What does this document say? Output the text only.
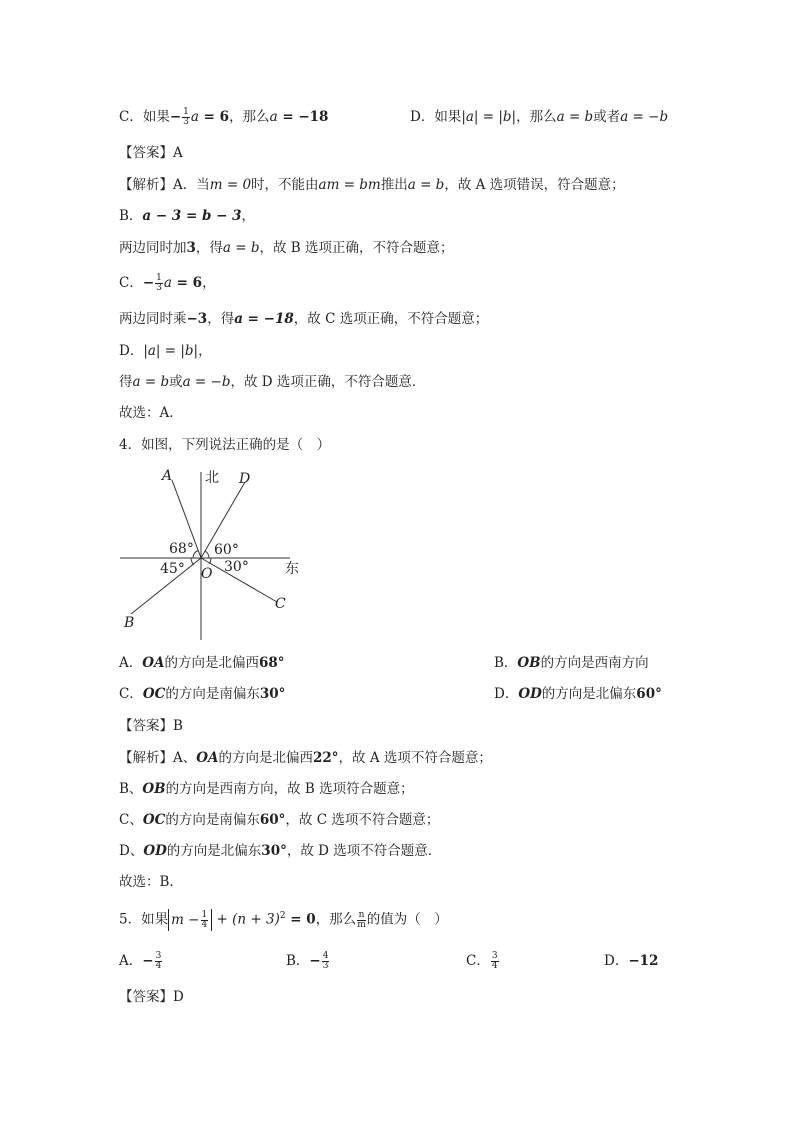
C．如果− $\frac{1}{3}$ a = 6，那么a = −18	D．如果|a| = |b|，那么a = b或者a = −b
【答案】A
【解析】A．当m = 0时，不能由am = bm推出a = b，故 A 选项错误，符合题意；
B．a − 3 = b − 3，
两边同时加3，得a = b，故 B 选项正确，不符合题意；
C．− $\frac{1}{3}$ a = 6，
两边同时乘−3，得a = −18，故 C 选项正确，不符合题意；
D．|a| = |b|，
得a = b或a = −b，故 D 选项正确，不符合题意．
故选：A．
4．如图，下列说法正确的是（　）
A 北 D
68° 60°
45° O 30°	东
C
B
A．OA的方向是北偏西68°	B．OB的方向是西南方向
C．OC的方向是南偏东30°	D．OD的方向是北偏东60°
【答案】B
【解析】A、OA的方向是北偏西22°，故 A 选项不符合题意；
B、OB的方向是西南方向，故 B 选项符合题意；
C、OC的方向是南偏东60°，故 C 选项不符合题意；
D、OD的方向是北偏东30°，故 D 选项不符合题意．
故选：B．
5．如果 $m - \frac{1}{4} + (n + 3)^2 = 0$，那么 $\frac{n}{m}$ 的值为（　）
A．− $\frac{3}{4}$	B．− $\frac{4}{3}$	C． $\frac{3}{4}$	D．−12
【答案】D
